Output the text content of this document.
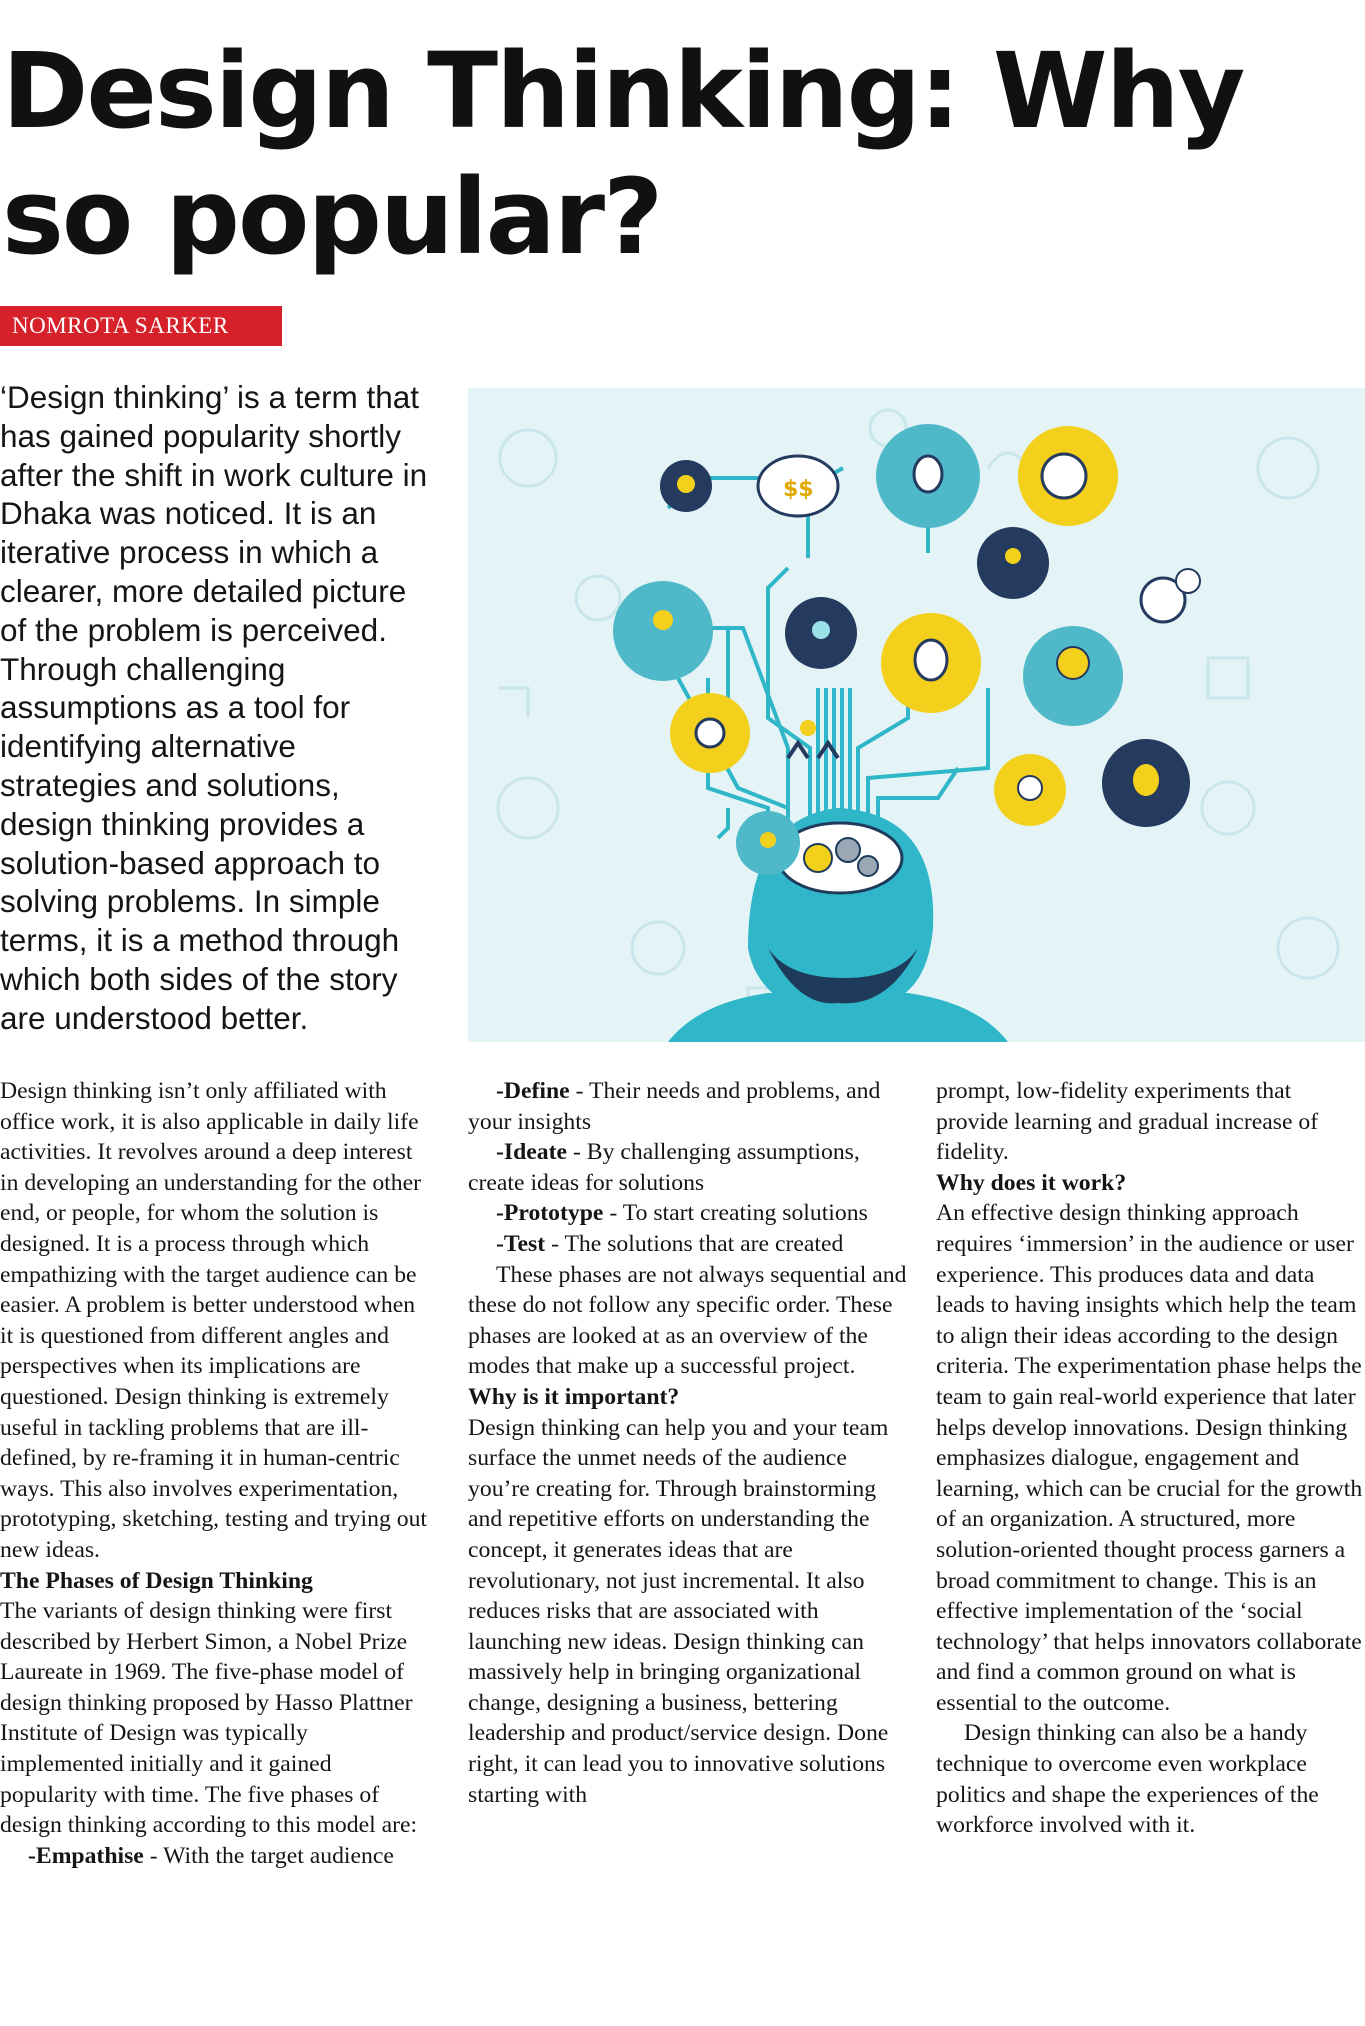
Design Thinking: Why so popular?
NOMROTA SARKER

‘Design thinking’ is a term that has gained popularity shortly after the shift in work culture in Dhaka was noticed. It is an iterative process in which a clearer, more detailed picture of the problem is perceived. Through challenging assumptions as a tool for identifying alternative strategies and solutions, design thinking provides a solution-based approach to solving problems. In simple terms, it is a method through which both sides of the story are understood better.

$$

Design thinking isn’t only affiliated with office work, it is also applicable in daily life activities. It revolves around a deep interest in developing an understanding for the other end, or people, for whom the solution is designed. It is a process through which empathizing with the target audience can be easier. A problem is better understood when it is questioned from different angles and perspectives when its implications are questioned. Design thinking is extremely useful in tackling problems that are ill-defined, by re-framing it in human-centric ways. This also involves experimentation, prototyping, sketching, testing and trying out new ideas.

The Phases of Design Thinking

The variants of design thinking were first described by Herbert Simon, a Nobel Prize Laureate in 1969. The five-phase model of design thinking proposed by Hasso Plattner Institute of Design was typically implemented initially and it gained popularity with time. The five phases of design thinking according to this model are:

-Empathise - With the target audience

-Define - Their needs and problems, and your insights

-Ideate - By challenging assumptions, create ideas for solutions

-Prototype - To start creating solutions

-Test - The solutions that are created

These phases are not always sequential and these do not follow any specific order. These phases are looked at as an overview of the modes that make up a successful project.

Why is it important?

Design thinking can help you and your team surface the unmet needs of the audience you’re creating for. Through brainstorming and repetitive efforts on understanding the concept, it generates ideas that are revolutionary, not just incremental. It also reduces risks that are associated with launching new ideas. Design thinking can massively help in bringing organizational change, designing a business, bettering leadership and product/service design. Done right, it can lead you to innovative solutions starting with

prompt, low-fidelity experiments that provide learning and gradual increase of fidelity.

Why does it work?

An effective design thinking approach requires ‘immersion’ in the audience or user experience. This produces data and data leads to having insights which help the team to align their ideas according to the design criteria. The experimentation phase helps the team to gain real-world experience that later helps develop innovations. Design thinking emphasizes dialogue, engagement and learning, which can be crucial for the growth of an organization. A structured, more solution-oriented thought process garners a broad commitment to change. This is an effective implementation of the ‘social technology’ that helps innovators collaborate and find a common ground on what is essential to the outcome.

Design thinking can also be a handy technique to overcome even workplace politics and shape the experiences of the workforce involved with it.
